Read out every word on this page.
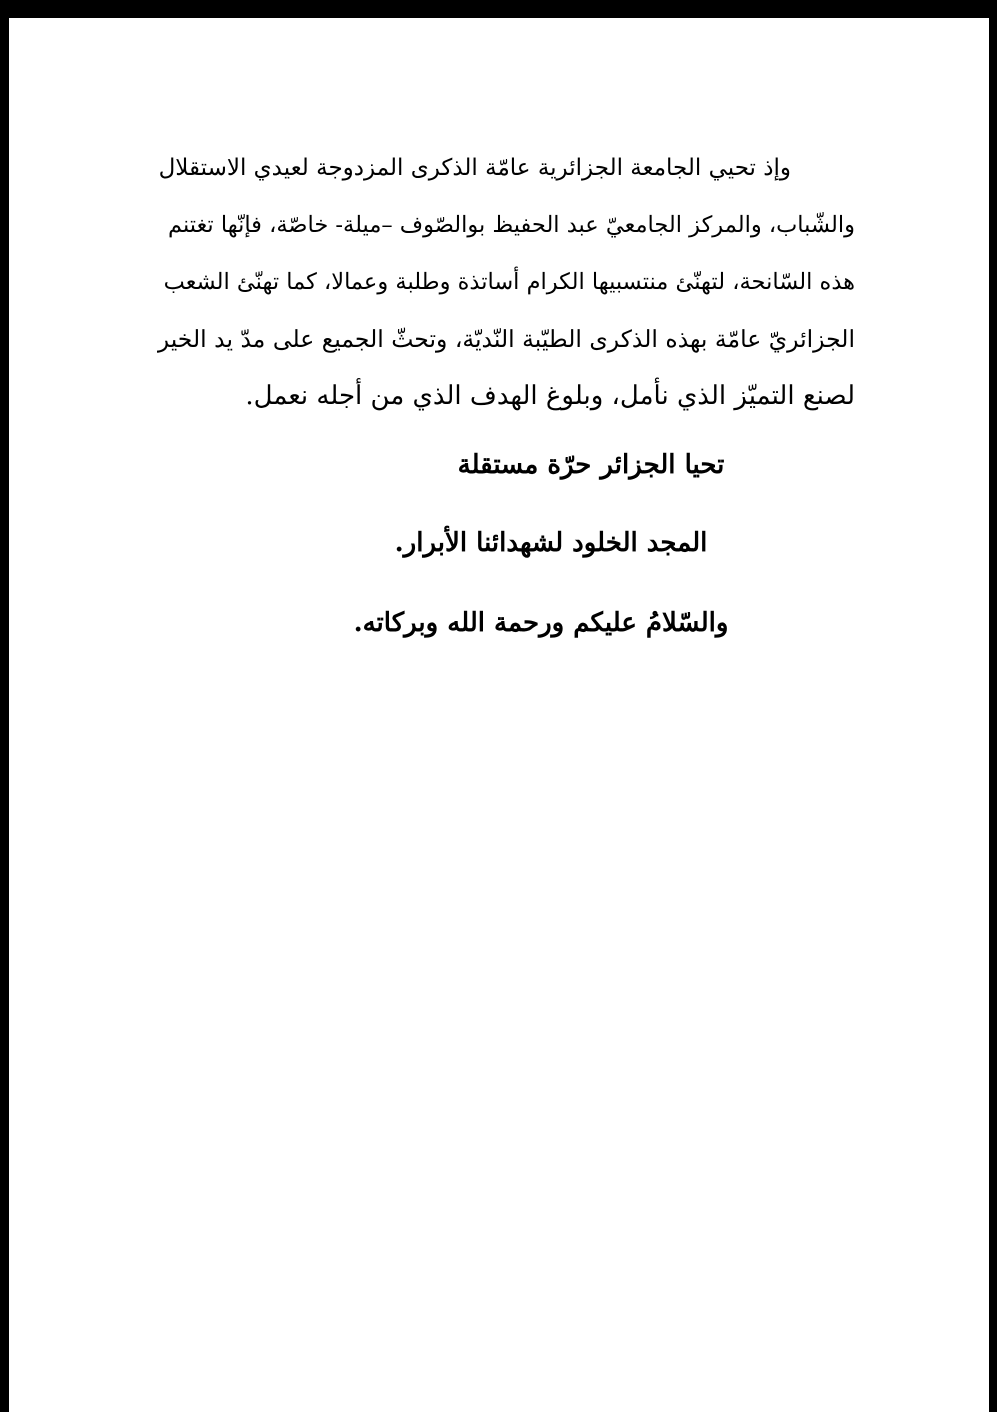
وإذ تحيي الجامعة الجزائرية عامّة الذكرى المزدوجة لعيدي الاستقلال
والشّباب، والمركز الجامعيّ عبد الحفيظ بوالصّوف –ميلة- خاصّة، فإنّها تغتنم
هذه السّانحة، لتهنّئ منتسبيها الكرام أساتذة وطلبة وعمالا، كما تهنّئ الشعب
الجزائريّ عامّة بهذه الذكرى الطيّبة النّديّة، وتحثّ الجميع على مدّ يد الخير
لصنع التميّز الذي نأمل، وبلوغ الهدف الذي من أجله نعمل.

تحيا الجزائر حرّة مستقلة

المجد الخلود لشهدائنا الأبرار.

والسّلامُ عليكم ورحمة الله وبركاته.
